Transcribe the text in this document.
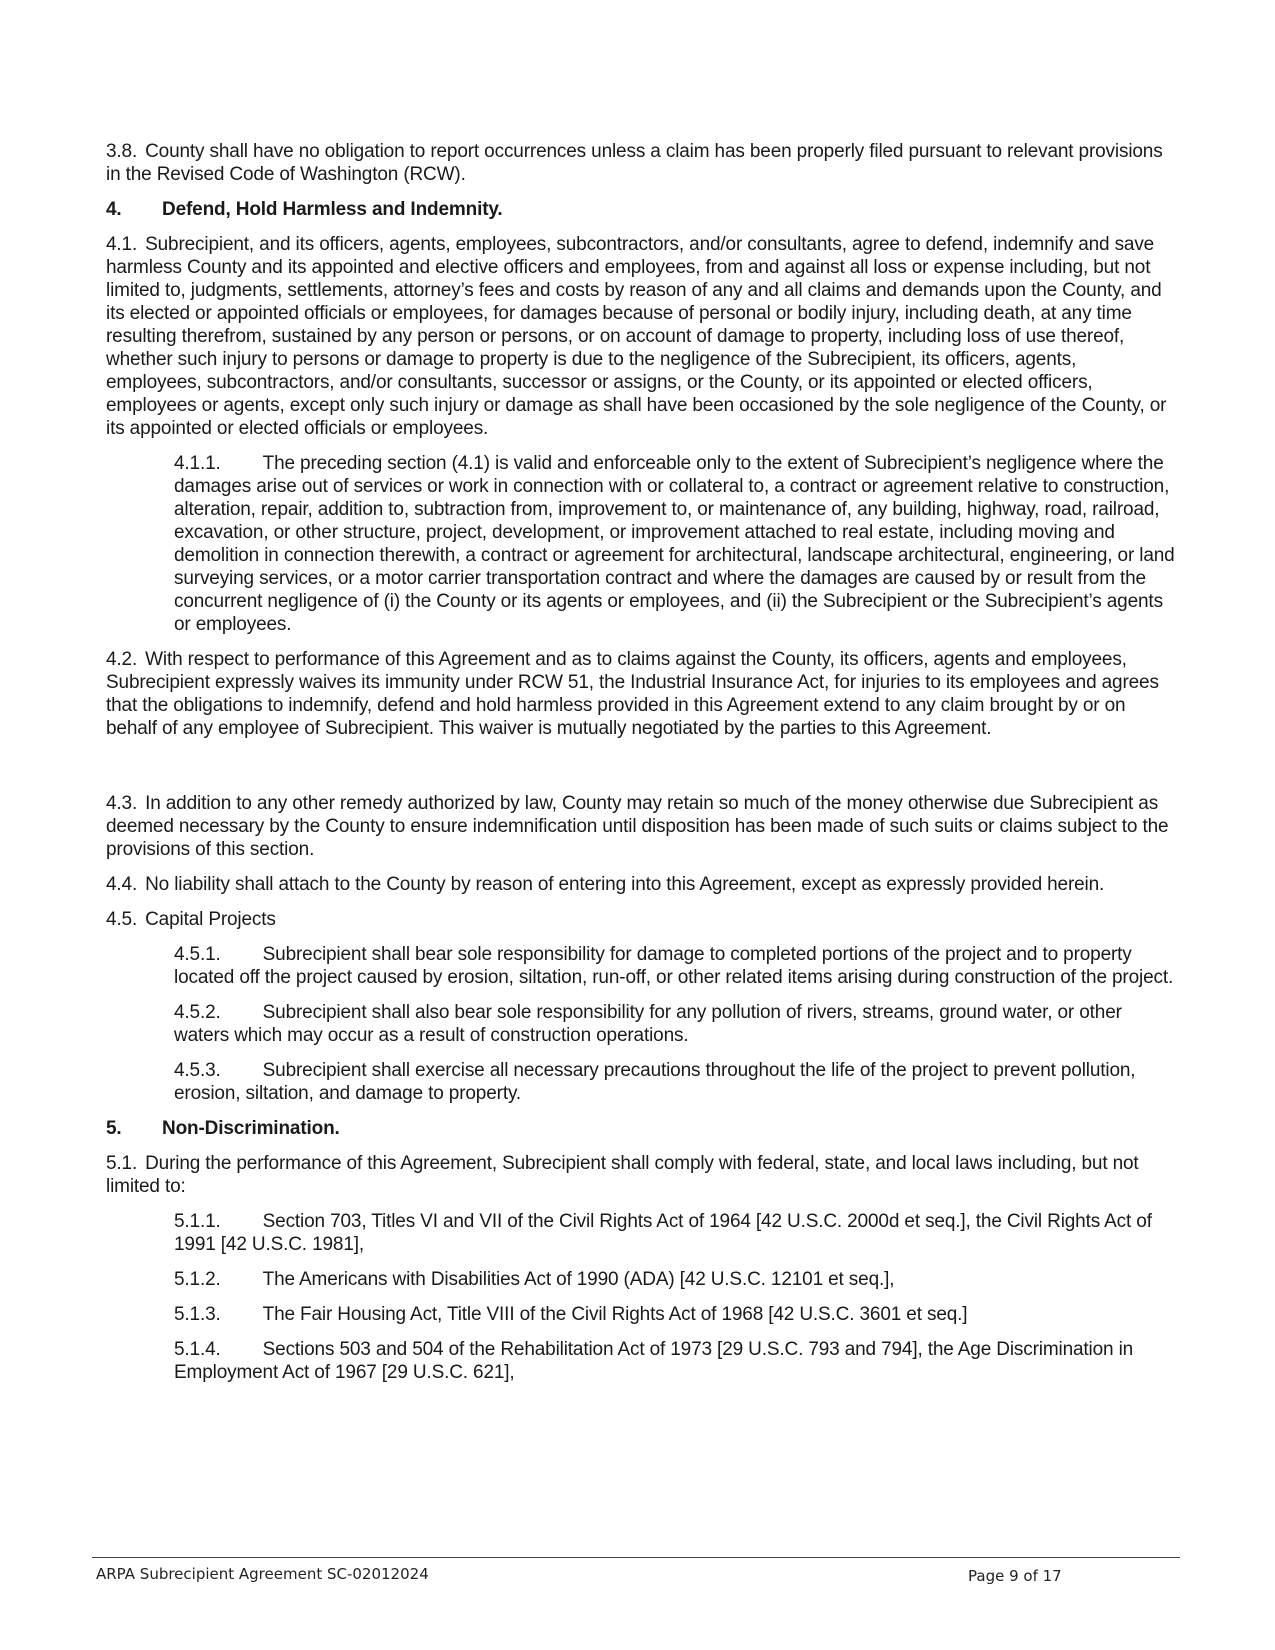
3.8. County shall have no obligation to report occurrences unless a claim has been properly filed pursuant to relevant provisions in the Revised Code of Washington (RCW).

4. Defend, Hold Harmless and Indemnity.

4.1. Subrecipient, and its officers, agents, employees, subcontractors, and/or consultants, agree to defend, indemnify and save harmless County and its appointed and elective officers and employees, from and against all loss or expense including, but not limited to, judgments, settlements, attorney’s fees and costs by reason of any and all claims and demands upon the County, and its elected or appointed officials or employees, for damages because of personal or bodily injury, including death, at any time resulting therefrom, sustained by any person or persons, or on account of damage to property, including loss of use thereof, whether such injury to persons or damage to property is due to the negligence of the Subrecipient, its officers, agents, employees, subcontractors, and/or consultants, successor or assigns, or the County, or its appointed or elected officers, employees or agents, except only such injury or damage as shall have been occasioned by the sole negligence of the County, or its appointed or elected officials or employees.

4.1.1. The preceding section (4.1) is valid and enforceable only to the extent of Subrecipient’s negligence where the damages arise out of services or work in connection with or collateral to, a contract or agreement relative to construction, alteration, repair, addition to, subtraction from, improvement to, or maintenance of, any building, highway, road, railroad, excavation, or other structure, project, development, or improvement attached to real estate, including moving and demolition in connection therewith, a contract or agreement for architectural, landscape architectural, engineering, or land surveying services, or a motor carrier transportation contract and where the damages are caused by or result from the concurrent negligence of (i) the County or its agents or employees, and (ii) the Subrecipient or the Subrecipient’s agents or employees.

4.2. With respect to performance of this Agreement and as to claims against the County, its officers, agents and employees, Subrecipient expressly waives its immunity under RCW 51, the Industrial Insurance Act, for injuries to its employees and agrees that the obligations to indemnify, defend and hold harmless provided in this Agreement extend to any claim brought by or on behalf of any employee of Subrecipient. This waiver is mutually negotiated by the parties to this Agreement.

4.3. In addition to any other remedy authorized by law, County may retain so much of the money otherwise due Subrecipient as deemed necessary by the County to ensure indemnification until disposition has been made of such suits or claims subject to the provisions of this section.

4.4. No liability shall attach to the County by reason of entering into this Agreement, except as expressly provided herein.

4.5. Capital Projects

4.5.1. Subrecipient shall bear sole responsibility for damage to completed portions of the project and to property located off the project caused by erosion, siltation, run-off, or other related items arising during construction of the project.

4.5.2. Subrecipient shall also bear sole responsibility for any pollution of rivers, streams, ground water, or other waters which may occur as a result of construction operations.

4.5.3. Subrecipient shall exercise all necessary precautions throughout the life of the project to prevent pollution, erosion, siltation, and damage to property.

5. Non-Discrimination.

5.1. During the performance of this Agreement, Subrecipient shall comply with federal, state, and local laws including, but not limited to:

5.1.1. Section 703, Titles VI and VII of the Civil Rights Act of 1964 [42 U.S.C. 2000d et seq.], the Civil Rights Act of 1991 [42 U.S.C. 1981],

5.1.2. The Americans with Disabilities Act of 1990 (ADA) [42 U.S.C. 12101 et seq.],

5.1.3. The Fair Housing Act, Title VIII of the Civil Rights Act of 1968 [42 U.S.C. 3601 et seq.]

5.1.4. Sections 503 and 504 of the Rehabilitation Act of 1973 [29 U.S.C. 793 and 794], the Age Discrimination in Employment Act of 1967 [29 U.S.C. 621],

ARPA Subrecipient Agreement SC-02012024	Page 9 of 17
